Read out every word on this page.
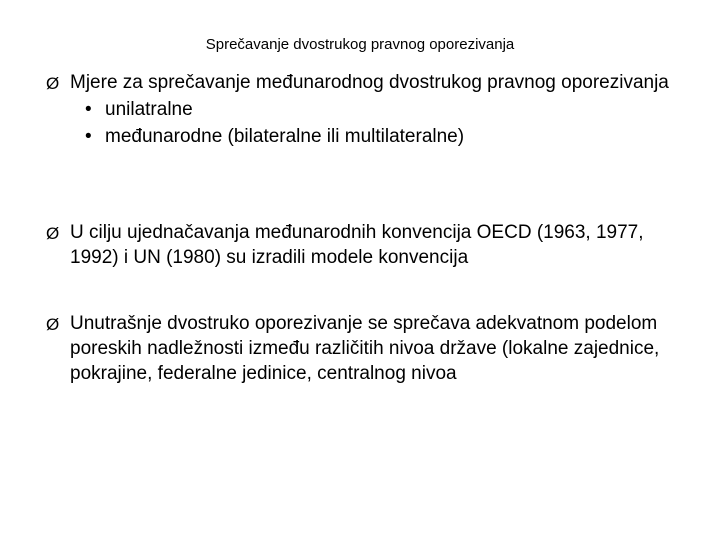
Sprečavanje dvostrukog pravnog oporezivanja
Ø Mjere za sprečavanje međunarodnog dvostrukog pravnog oporezivanja
• unilatralne
• međunarodne (bilateralne ili multilateralne)
Ø U cilju ujednačavanja međunarodnih konvencija OECD (1963, 1977, 1992) i UN (1980) su izradili modele konvencija
Ø Unutrašnje dvostruko oporezivanje se sprečava adekvatnom podelom poreskih nadležnosti između različitih nivoa države (lokalne zajednice, pokrajine, federalne jedinice, centralnog nivoa
